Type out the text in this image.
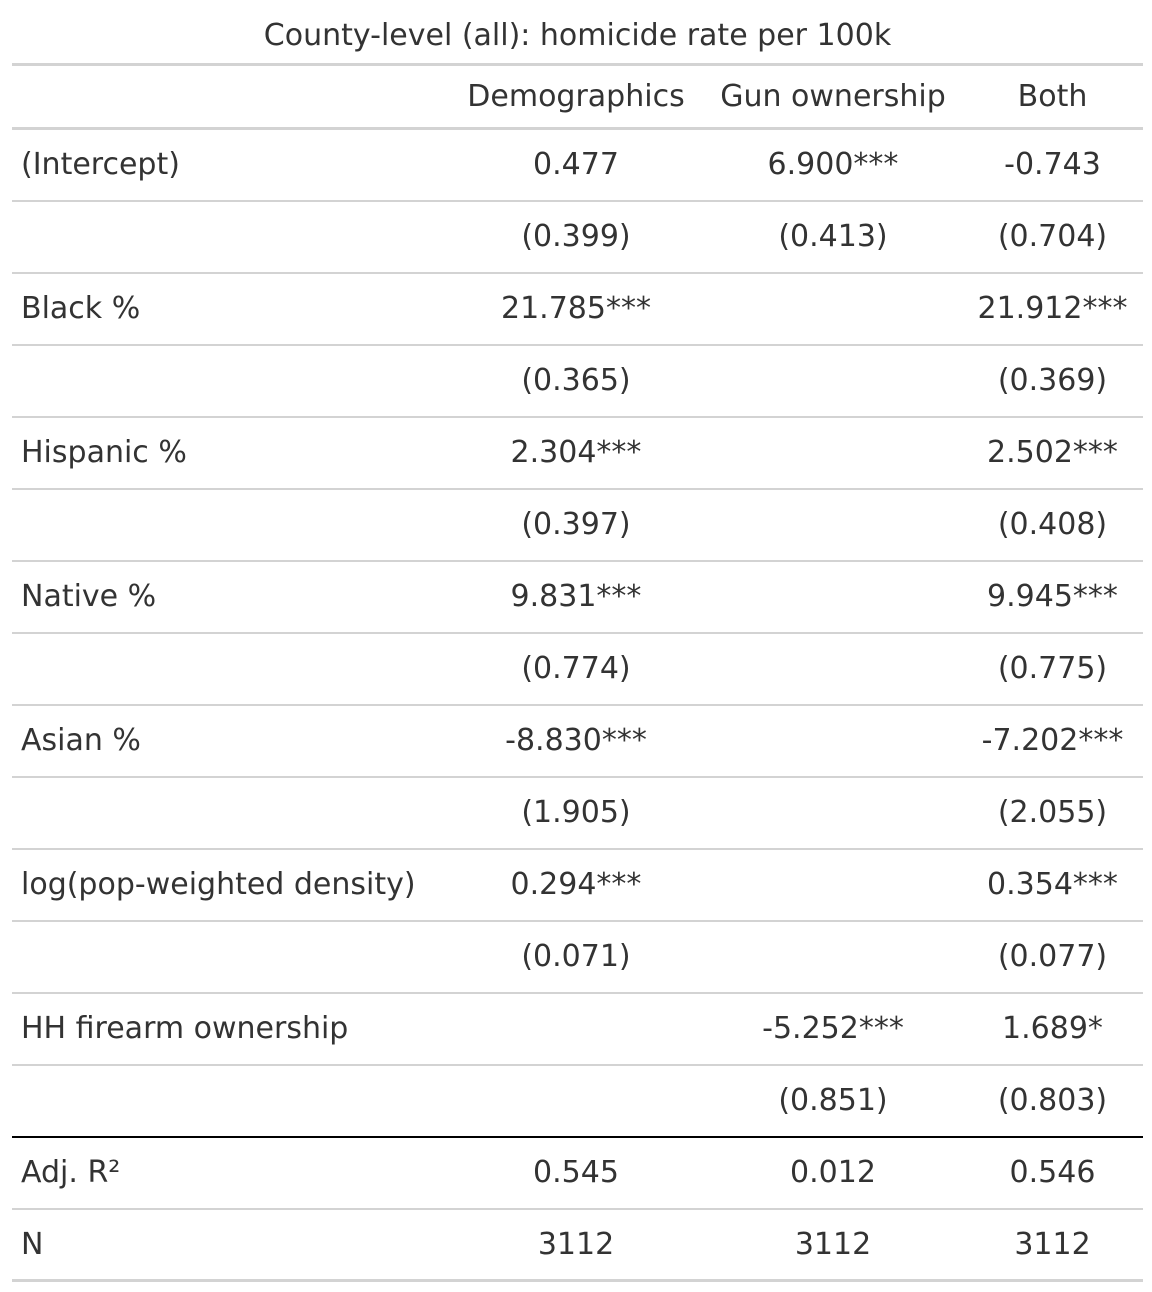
County-level (all): homicide rate per 100k
	Demographics	Gun ownership	Both
(Intercept)	0.477	6.900***	-0.743
	(0.399)	(0.413)	(0.704)
Black %	21.785***		21.912***
	(0.365)		(0.369)
Hispanic %	2.304***		2.502***
	(0.397)		(0.408)
Native %	9.831***		9.945***
	(0.774)		(0.775)
Asian %	-8.830***		-7.202***
	(1.905)		(2.055)
log(pop-weighted density)	0.294***		0.354***
	(0.071)		(0.077)
HH firearm ownership		-5.252***	1.689*
		(0.851)	(0.803)
Adj. R²	0.545	0.012	0.546
N	3112	3112	3112
